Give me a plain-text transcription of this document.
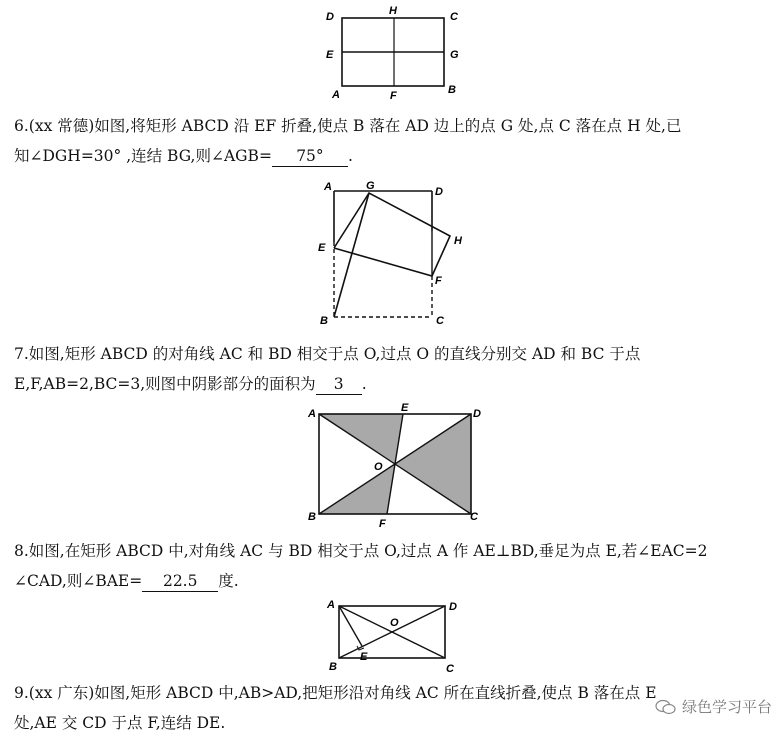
D	H	C
E	G
A	F	B
6.(xx 常德)如图,将矩形 ABCD 沿 EF 折叠,使点 B 落在 AD 边上的点 G 处,点 C 落在点 H 处,已
知∠DGH=30° ,连结 BG,则∠AGB= 75° .
A	G	D
E
H
F
B	C
7.如图,矩形 ABCD 的对角线 AC 和 BD 相交于点 O,过点 O 的直线分别交 AD 和 BC 于点
E,F,AB=2,BC=3,则图中阴影部分的面积为 3 .
A	E	D
O
B
F
C
8.如图,在矩形 ABCD 中,对角线 AC 与 BD 相交于点 O,过点 A 作 AE⊥BD,垂足为点 E,若∠EAC=2
∠CAD,则∠BAE= 22.5 度.
A	D
O
E
B	C
9.(xx 广东)如图,矩形 ABCD 中,AB>AD,把矩形沿对角线 AC 所在直线折叠,使点 B 落在点 E
处,AE 交 CD 于点 F,连结 DE.
绿色学习平台
